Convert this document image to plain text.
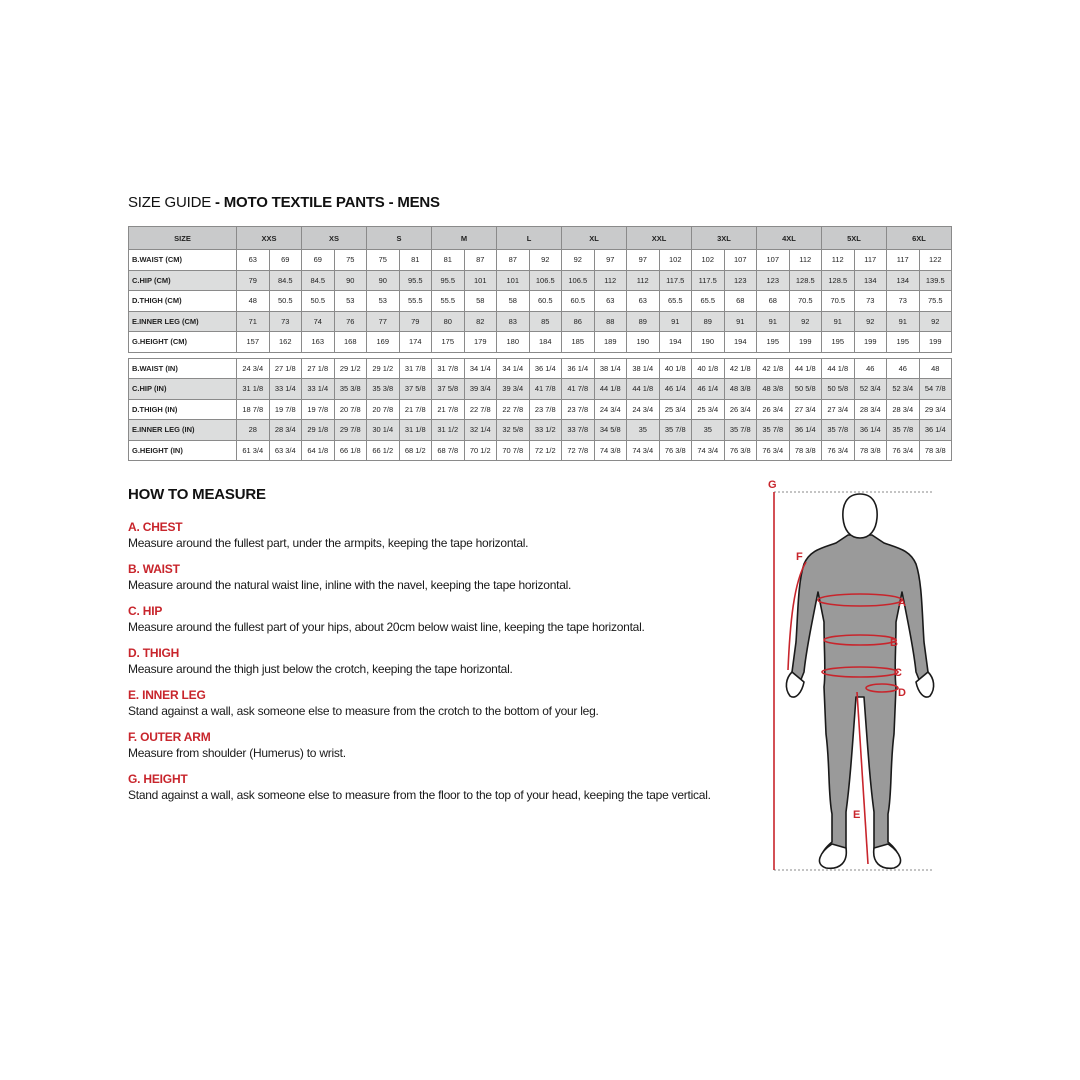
SIZE GUIDE - MOTO TEXTILE PANTS - MENS
SIZE	XXS		XS		S		M		L		XL		XXL		3XL		4XL		5XL		6XL	
B.WAIST (CM)	63	69	69	75	75	81	81	87	87	92	92	97	97	102	102	107	107	112	112	117	117	122
C.HIP (CM)	79	84.5	84.5	90	90	95.5	95.5	101	101	106.5	106.5	112	112	117.5	117.5	123	123	128.5	128.5	134	134	139.5
D.THIGH (CM)	48	50.5	50.5	53	53	55.5	55.5	58	58	60.5	60.5	63	63	65.5	65.5	68	68	70.5	70.5	73	73	75.5
E.INNER LEG (CM)	71	73	74	76	77	79	80	82	83	85	86	88	89	91	89	91	91	92	91	92	91	92
G.HEIGHT (CM)	157	162	163	168	169	174	175	179	180	184	185	189	190	194	190	194	195	199	195	199	195	199

B.WAIST (IN)	24 3/4	27 1/8	27 1/8	29 1/2	29 1/2	31 7/8	31 7/8	34 1/4	34 1/4	36 1/4	36 1/4	38 1/4	38 1/4	40 1/8	40 1/8	42 1/8	42 1/8	44 1/8	44 1/8	46	46	48
C.HIP (IN)	31 1/8	33 1/4	33 1/4	35 3/8	35 3/8	37 5/8	37 5/8	39 3/4	39 3/4	41 7/8	41 7/8	44 1/8	44 1/8	46 1/4	46 1/4	48 3/8	48 3/8	50 5/8	50 5/8	52 3/4	52 3/4	54 7/8
D.THIGH (IN)	18 7/8	19 7/8	19 7/8	20 7/8	20 7/8	21 7/8	21 7/8	22 7/8	22 7/8	23 7/8	23 7/8	24 3/4	24 3/4	25 3/4	25 3/4	26 3/4	26 3/4	27 3/4	27 3/4	28 3/4	28 3/4	29 3/4
E.INNER LEG (IN)	28	28 3/4	29 1/8	29 7/8	30 1/4	31 1/8	31 1/2	32 1/4	32 5/8	33 1/2	33 7/8	34 5/8	35	35 7/8	35	35 7/8	35 7/8	36 1/4	35 7/8	36 1/4	35 7/8	36 1/4
G.HEIGHT (IN)	61 3/4	63 3/4	64 1/8	66 1/8	66 1/2	68 1/2	68 7/8	70 1/2	70 7/8	72 1/2	72 7/8	74 3/8	74 3/4	76 3/8	74 3/4	76 3/8	76 3/4	78 3/8	76 3/4	78 3/8	76 3/4	78 3/8
HOW TO MEASURE
A. CHEST

Measure around the fullest part, under the armpits, keeping the tape horizontal.

B. WAIST

Measure around the natural waist line, inline with the navel, keeping the tape horizontal.

C. HIP

Measure around the fullest part of your hips, about 20cm below waist line, keeping the tape horizontal.

D. THIGH

Measure around the thigh just below the crotch, keeping the tape horizontal.

E. INNER LEG

Stand against a wall, ask someone else to measure from the crotch to the bottom of your leg.

F. OUTER ARM

Measure from shoulder (Humerus) to wrist.

G. HEIGHT

Stand against a wall, ask someone else to measure from the floor to the top of your head, keeping the tape vertical.

G
A
B
C
D
E
F
